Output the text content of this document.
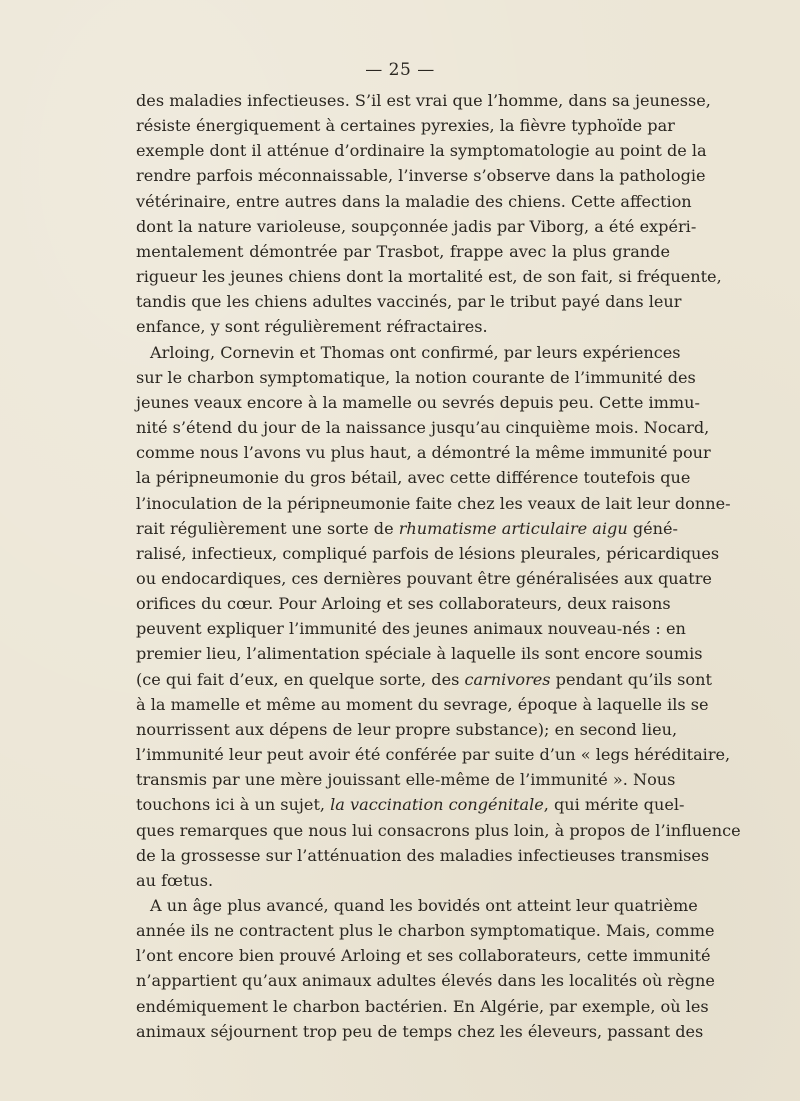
— 25 —
des maladies infectieuses. S’il est vrai que l’homme, dans sa jeunesse,
résiste énergiquement à certaines pyrexies, la fièvre typhoïde par
exemple dont il atténue d’ordinaire la symptomatologie au point de la
rendre parfois méconnaissable, l’inverse s’observe dans la pathologie
vétérinaire, entre autres dans la maladie des chiens. Cette affection
dont la nature varioleuse, soupçonnée jadis par Viborg, a été expéri-
mentalement démontrée par Trasbot, frappe avec la plus grande
rigueur les jeunes chiens dont la mortalité est, de son fait, si fréquente,
tandis que les chiens adultes vaccinés, par le tribut payé dans leur
enfance, y sont régulièrement réfractaires.
Arloing, Cornevin et Thomas ont confirmé, par leurs expériences
sur le charbon symptomatique, la notion courante de l’immunité des
jeunes veaux encore à la mamelle ou sevrés depuis peu. Cette immu-
nité s’étend du jour de la naissance jusqu’au cinquième mois. Nocard,
comme nous l’avons vu plus haut, a démontré la même immunité pour
la péripneumonie du gros bétail, avec cette différence toutefois que
l’inoculation de la péripneumonie faite chez les veaux de lait leur donne-
rait régulièrement une sorte de rhumatisme articulaire aigu géné-
ralisé, infectieux, compliqué parfois de lésions pleurales, péricardiques
ou endocardiques, ces dernières pouvant être généralisées aux quatre
orifices du cœur. Pour Arloing et ses collaborateurs, deux raisons
peuvent expliquer l’immunité des jeunes animaux nouveau-nés : en
premier lieu, l’alimentation spéciale à laquelle ils sont encore soumis
(ce qui fait d’eux, en quelque sorte, des carnivores pendant qu’ils sont
à la mamelle et même au moment du sevrage, époque à laquelle ils se
nourrissent aux dépens de leur propre substance); en second lieu,
l’immunité leur peut avoir été conférée par suite d’un « legs héréditaire,
transmis par une mère jouissant elle-même de l’immunité ». Nous
touchons ici à un sujet, la vaccination congénitale, qui mérite quel-
ques remarques que nous lui consacrons plus loin, à propos de l’influence
de la grossesse sur l’atténuation des maladies infectieuses transmises
au fœtus.
A un âge plus avancé, quand les bovidés ont atteint leur quatrième
année ils ne contractent plus le charbon symptomatique. Mais, comme
l’ont encore bien prouvé Arloing et ses collaborateurs, cette immunité
n’appartient qu’aux animaux adultes élevés dans les localités où règne
endémiquement le charbon bactérien. En Algérie, par exemple, où les
animaux séjournent trop peu de temps chez les éleveurs, passant des
